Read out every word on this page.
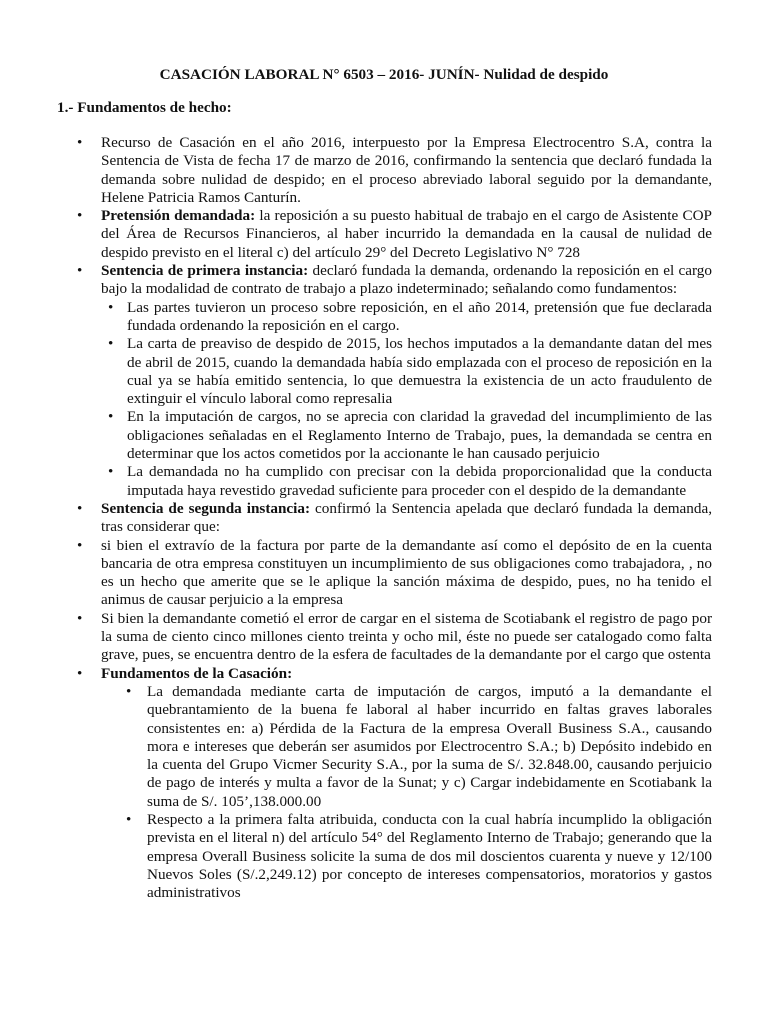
CASACIÓN LABORAL N° 6503 – 2016- JUNÍN- Nulidad de despido
1.- Fundamentos de hecho:
• Recurso de Casación en el año 2016, interpuesto por la Empresa Electrocentro S.A, contra la Sentencia de Vista de fecha 17 de marzo de 2016, confirmando la sentencia que declaró fundada la demanda sobre nulidad de despido; en el proceso abreviado laboral seguido por la demandante, Helene Patricia Ramos Canturín.
• Pretensión demandada: la reposición a su puesto habitual de trabajo en el cargo de Asistente COP del Área de Recursos Financieros, al haber incurrido la demandada en la causal de nulidad de despido previsto en el literal c) del artículo 29° del Decreto Legislativo N° 728
• Sentencia de primera instancia: declaró fundada la demanda, ordenando la reposición en el cargo bajo la modalidad de contrato de trabajo a plazo indeterminado; señalando como fundamentos:
• Las partes tuvieron un proceso sobre reposición, en el año 2014, pretensión que fue declarada fundada ordenando la reposición en el cargo.
• La carta de preaviso de despido de 2015, los hechos imputados a la demandante datan del mes de abril de 2015, cuando la demandada había sido emplazada con el proceso de reposición en la cual ya se había emitido sentencia, lo que demuestra la existencia de un acto fraudulento de extinguir el vínculo laboral como represalia
• En la imputación de cargos, no se aprecia con claridad la gravedad del incumplimiento de las obligaciones señaladas en el Reglamento Interno de Trabajo, pues, la demandada se centra en determinar que los actos cometidos por la accionante le han causado perjuicio
• La demandada no ha cumplido con precisar con la debida proporcionalidad que la conducta imputada haya revestido gravedad suficiente para proceder con el despido de la demandante
• Sentencia de segunda instancia: confirmó la Sentencia apelada que declaró fundada la demanda, tras considerar que:
• si bien el extravío de la factura por parte de la demandante así como el depósito de en la cuenta bancaria de otra empresa constituyen un incumplimiento de sus obligaciones como trabajadora, , no es un hecho que amerite que se le aplique la sanción máxima de despido, pues, no ha tenido el animus de causar perjuicio a la empresa
• Si bien la demandante cometió el error de cargar en el sistema de Scotiabank el registro de pago por la suma de ciento cinco millones ciento treinta y ocho mil, éste no puede ser catalogado como falta grave, pues, se encuentra dentro de la esfera de facultades de la demandante por el cargo que ostenta
• Fundamentos de la Casación:
• La demandada mediante carta de imputación de cargos, imputó a la demandante el quebrantamiento de la buena fe laboral al haber incurrido en faltas graves laborales consistentes en: a) Pérdida de la Factura de la empresa Overall Business S.A., causando mora e intereses que deberán ser asumidos por Electrocentro S.A.; b) Depósito indebido en la cuenta del Grupo Vicmer Security S.A., por la suma de S/. 32.848.00, causando perjuicio de pago de interés y multa a favor de la Sunat; y c) Cargar indebidamente en Scotiabank la suma de S/. 105’,138.000.00
• Respecto a la primera falta atribuida, conducta con la cual habría incumplido la obligación prevista en el literal n) del artículo 54° del Reglamento Interno de Trabajo; generando que la empresa Overall Business solicite la suma de dos mil doscientos cuarenta y nueve y 12/100 Nuevos Soles (S/.2,249.12) por concepto de intereses compensatorios, moratorios y gastos administrativos
